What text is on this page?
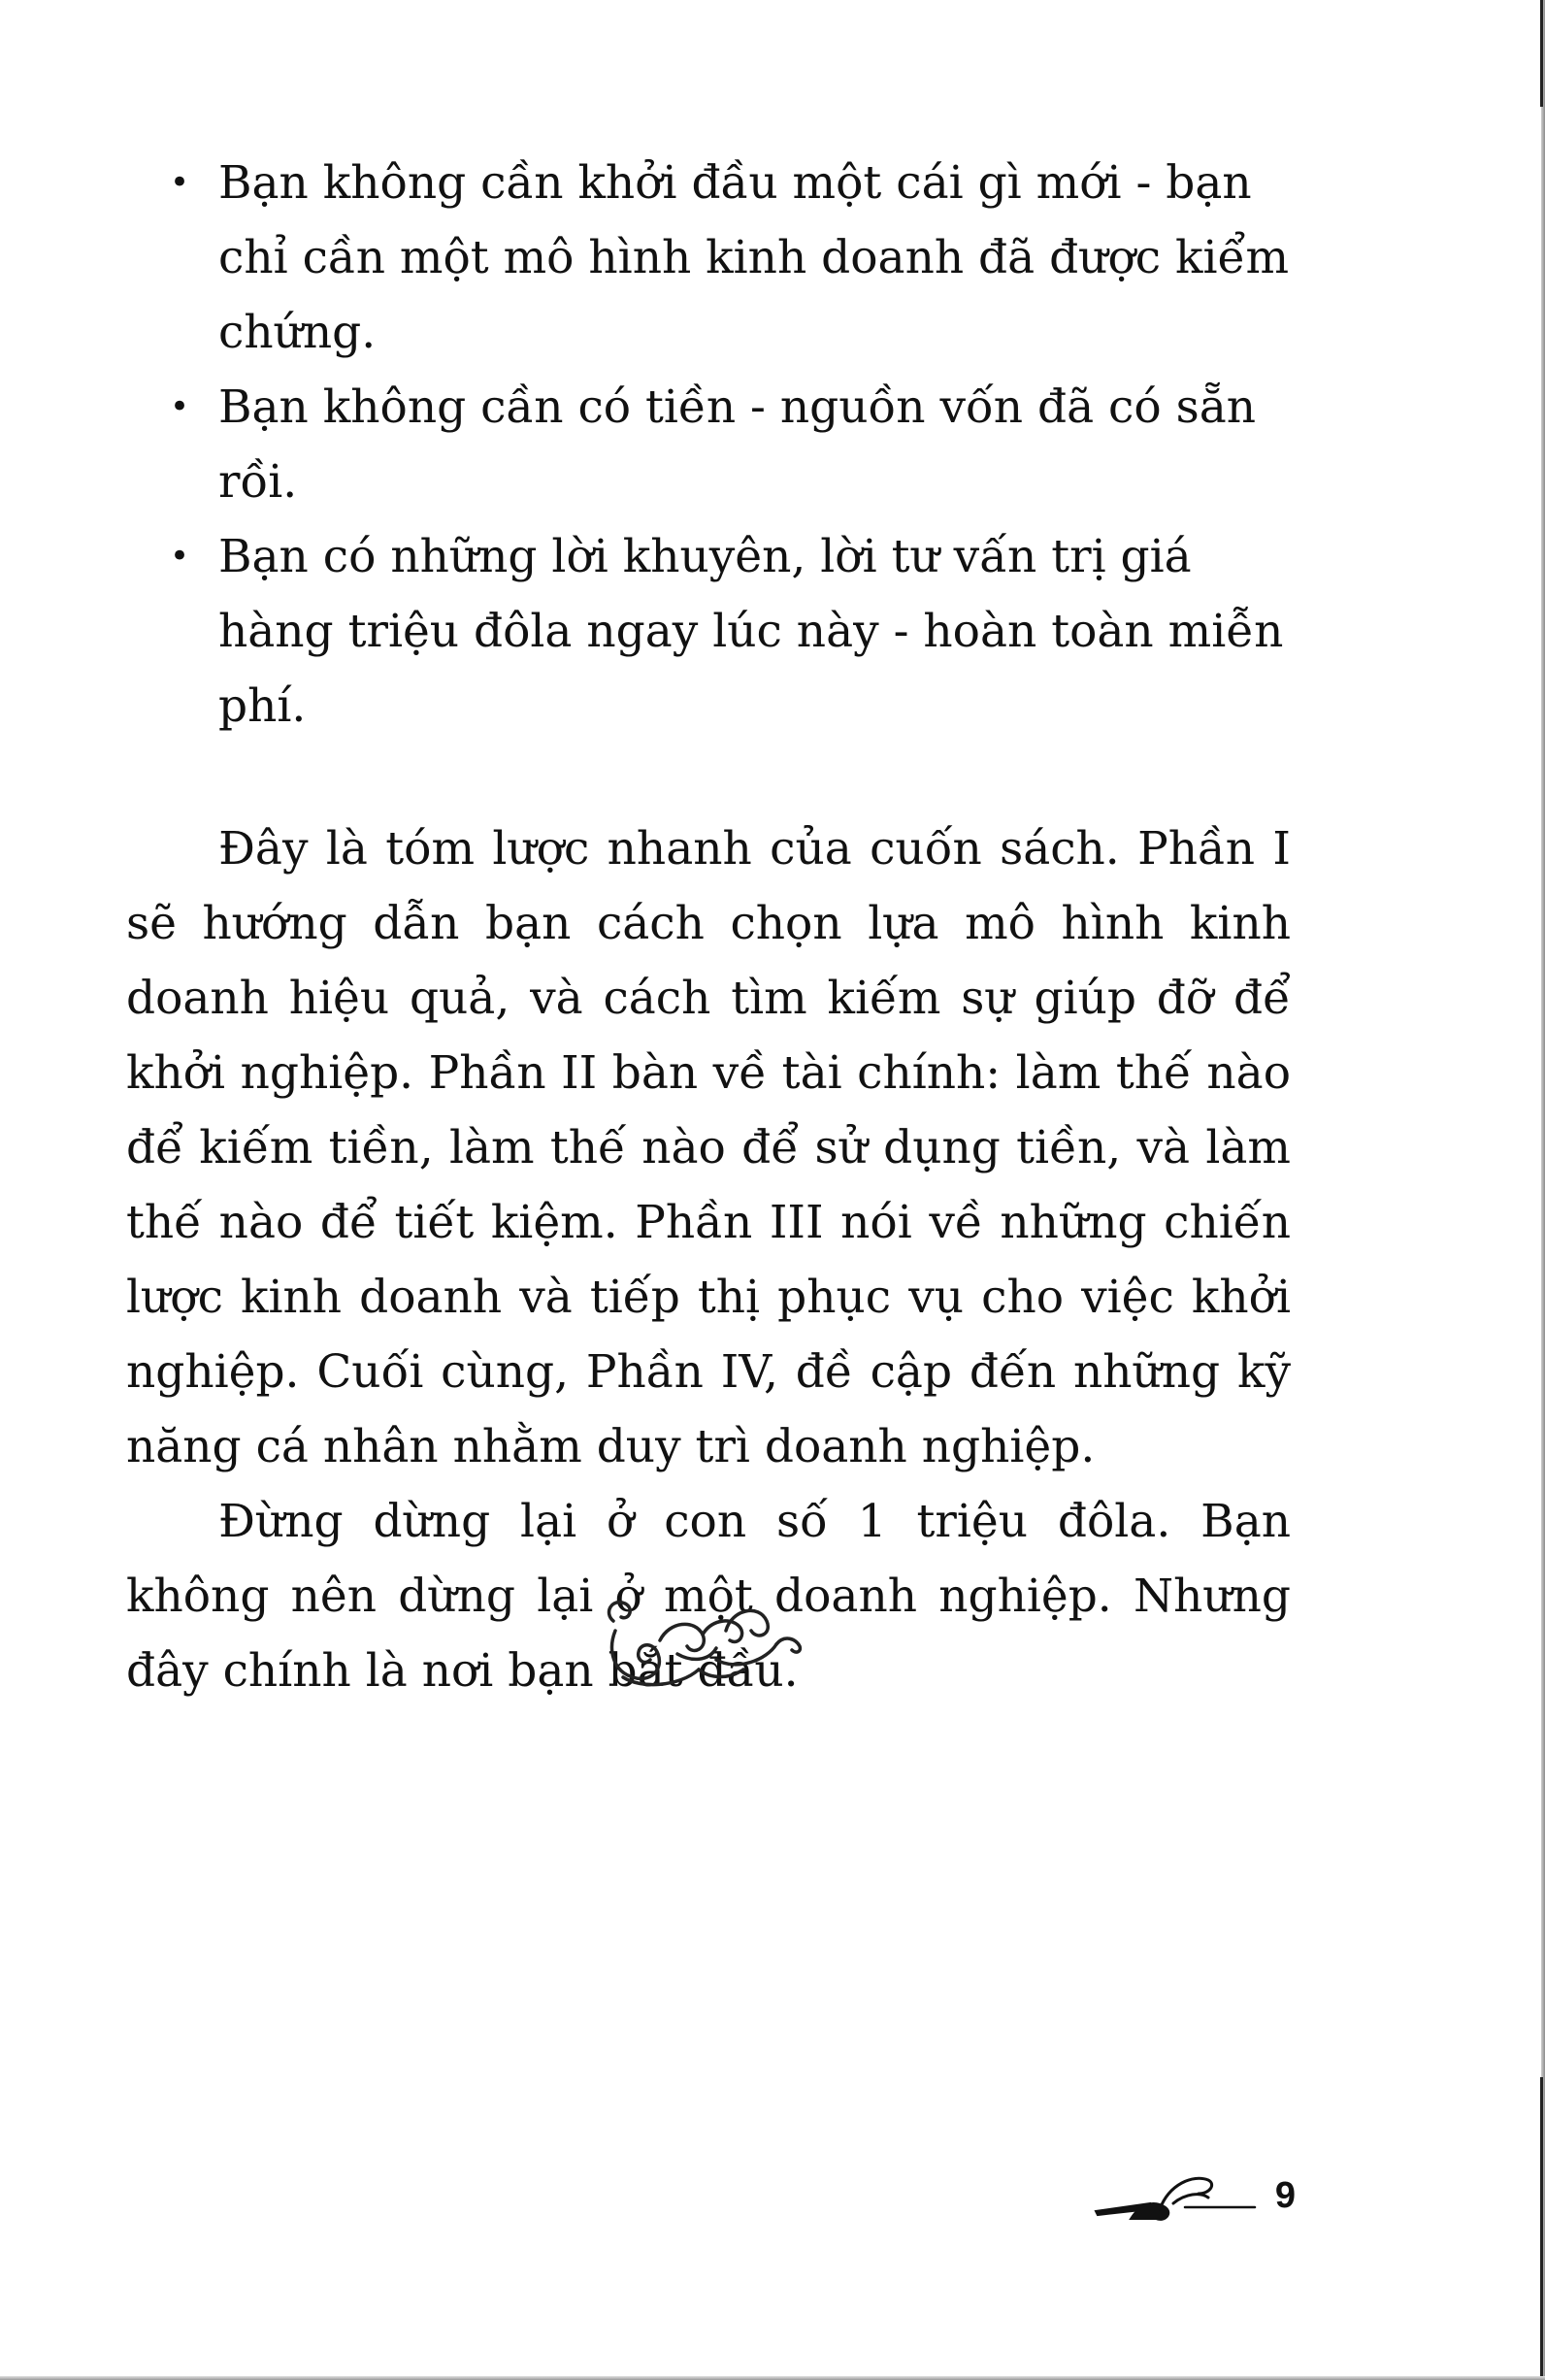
• Bạn không cần khởi đầu một cái gì mới - bạn chỉ cần một mô hình kinh doanh đã được kiểm chứng.
• Bạn không cần có tiền - nguồn vốn đã có sẵn rồi.
• Bạn có những lời khuyên, lời tư vấn trị giá hàng triệu đôla ngay lúc này - hoàn toàn miễn phí.

Đây là tóm lược nhanh của cuốn sách. Phần I sẽ hướng dẫn bạn cách chọn lựa mô hình kinh doanh hiệu quả, và cách tìm kiếm sự giúp đỡ để khởi nghiệp. Phần II bàn về tài chính: làm thế nào để kiếm tiền, làm thế nào để sử dụng tiền, và làm thế nào để tiết kiệm. Phần III nói về những chiến lược kinh doanh và tiếp thị phục vụ cho việc khởi nghiệp. Cuối cùng, Phần IV, đề cập đến những kỹ năng cá nhân nhằm duy trì doanh nghiệp.

Đừng dừng lại ở con số 1 triệu đôla. Bạn không nên dừng lại ở một doanh nghiệp. Nhưng đây chính là nơi bạn bắt đầu.

9
